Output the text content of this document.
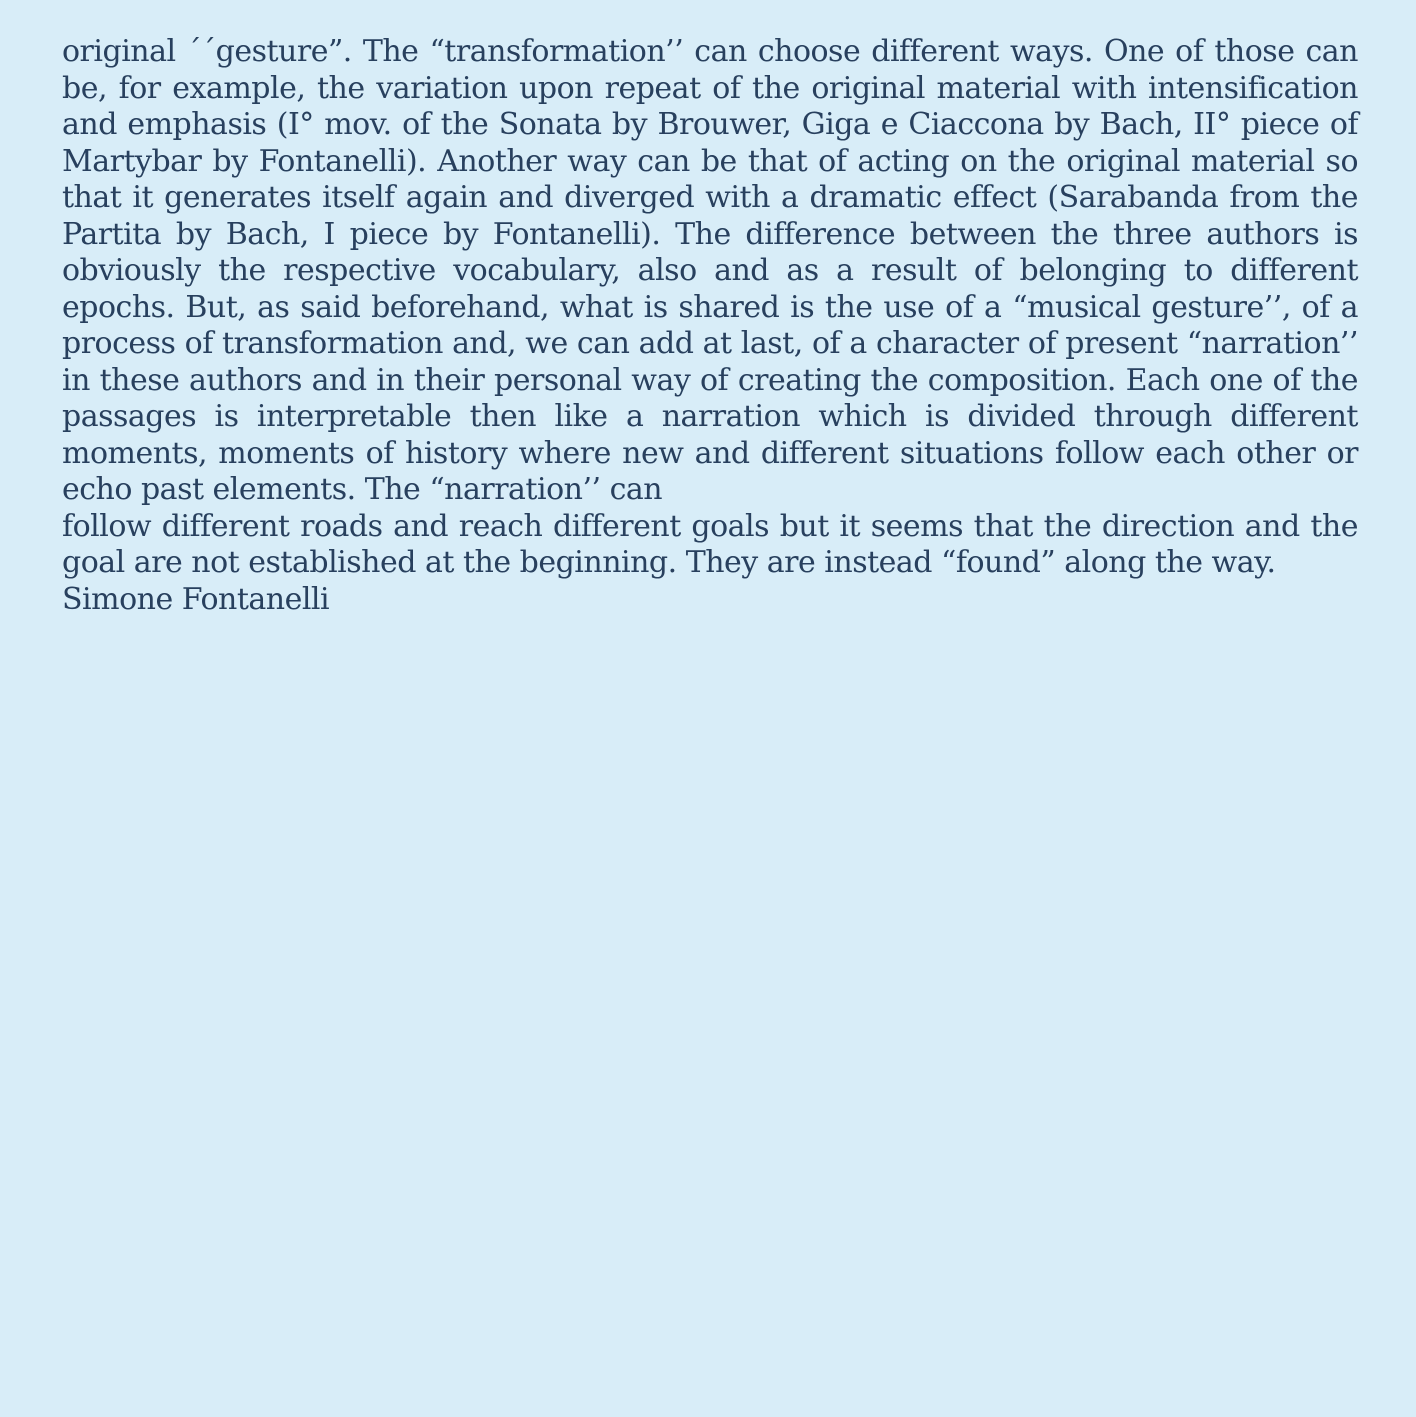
original ´´gesture”. The “transformation’’ can choose different ways. One of those can be, for example, the variation upon repeat of the original material with intensification and emphasis (I° mov. of the Sonata by Brouwer, Giga e Ciaccona by Bach, II° piece of Martybar by Fontanelli). Another way can be that of acting on the original material so that it generates itself again and diverged with a dramatic effect (Sarabanda from the Partita by Bach, I piece by Fontanelli). The difference between the three authors is obviously the respective vocabulary, also and as a result of belonging to different epochs. But, as said beforehand, what is shared is the use of a “musical gesture’’, of a process of transformation and, we can add at last, of a character of present “narration’’ in these authors and in their personal way of creating the composition. Each one of the passages is interpretable then like a narration which is divided through different moments, moments of history where new and different situations follow each other or echo past elements. The “narration’’ can

follow different roads and reach different goals but it seems that the direction and the goal are not established at the beginning. They are instead “found” along the way.

Simone Fontanelli
